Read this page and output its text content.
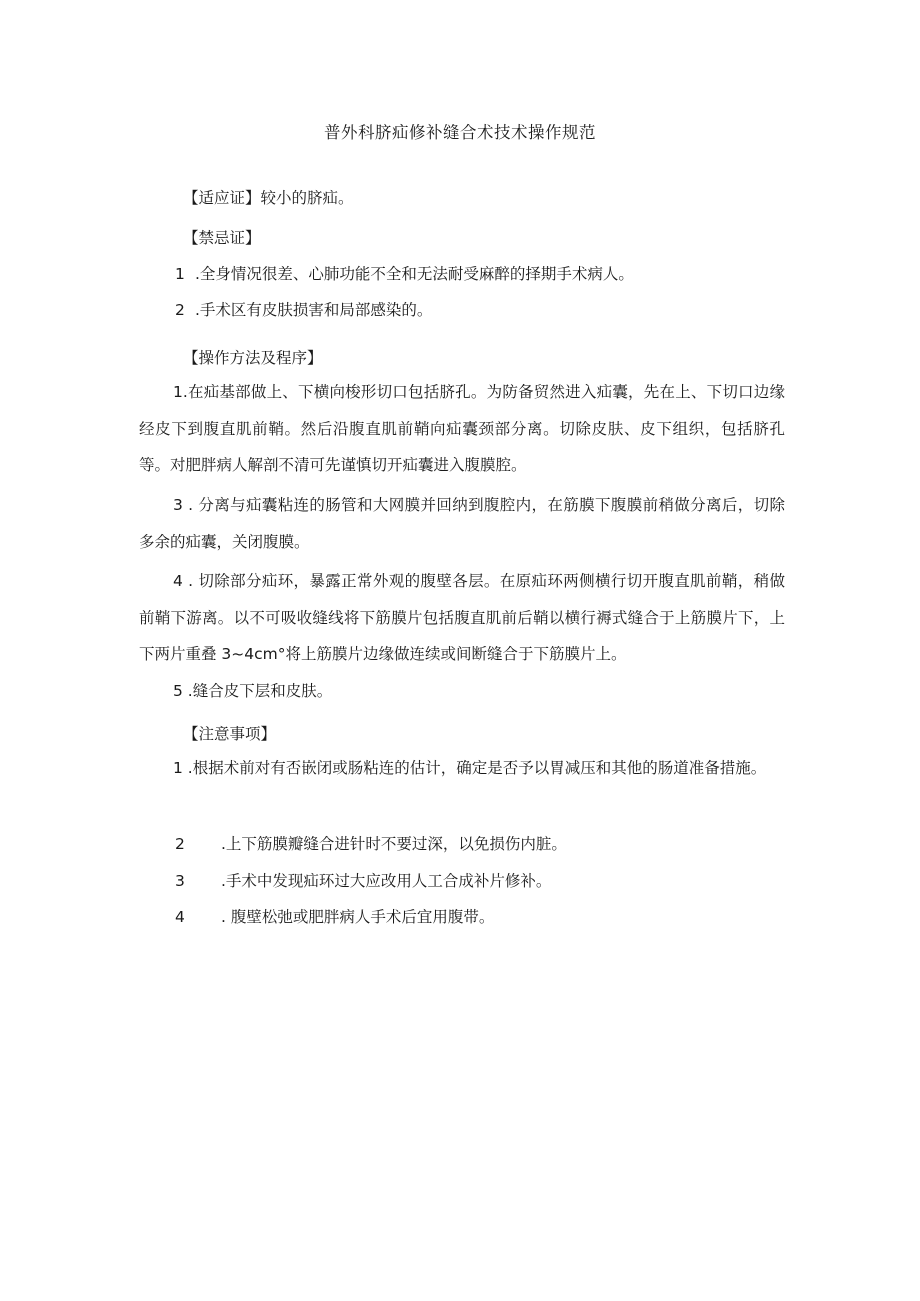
普外科脐疝修补缝合术技术操作规范
【适应证】较小的脐疝。
【禁忌证】
1 .全身情况很差、心肺功能不全和无法耐受麻醉的择期手术病人。
2 .手术区有皮肤损害和局部感染的。
【操作方法及程序】
1.在疝基部做上、下横向梭形切口包括脐孔。为防备贸然进入疝囊，先在上、下切口边缘经皮下到腹直肌前鞘。然后沿腹直肌前鞘向疝囊颈部分离。切除皮肤、皮下组织，包括脐孔等。对肥胖病人解剖不清可先谨慎切开疝囊进入腹膜腔。
3 . 分离与疝囊粘连的肠管和大网膜并回纳到腹腔内，在筋膜下腹膜前稍做分离后，切除多余的疝囊，关闭腹膜。
4 . 切除部分疝环，暴露正常外观的腹壁各层。在原疝环两侧横行切开腹直肌前鞘，稍做前鞘下游离。以不可吸收缝线将下筋膜片包括腹直肌前后鞘以横行褥式缝合于上筋膜片下，上下两片重叠 3~4cm°将上筋膜片边缘做连续或间断缝合于下筋膜片上。
5 .缝合皮下层和皮肤。
【注意事项】
1 .根据术前对有否嵌闭或肠粘连的估计，确定是否予以胃减压和其他的肠道准备措施。
2 .上下筋膜瓣缝合进针时不要过深，以免损伤内脏。
3 .手术中发现疝环过大应改用人工合成补片修补。
4 . 腹壁松弛或肥胖病人手术后宜用腹带。
